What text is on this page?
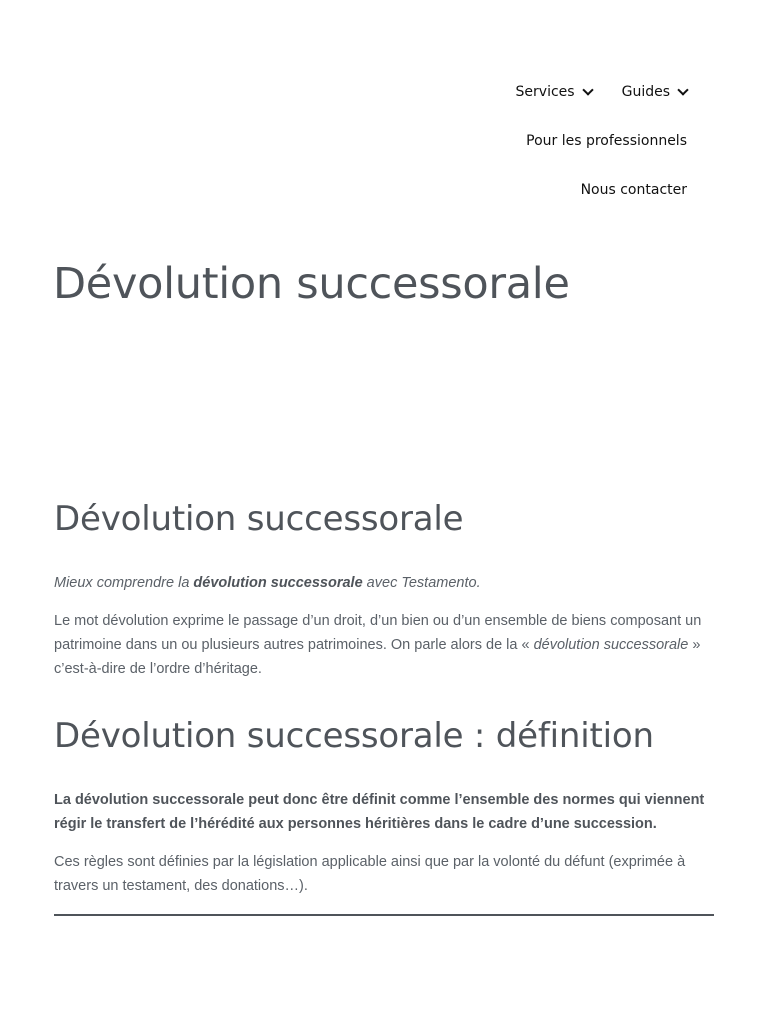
Services	Guides
Pour les professionnels
Nous contacter
Dévolution successorale
Dévolution successorale

Mieux comprendre la dévolution successorale avec Testamento.

Le mot dévolution exprime le passage d’un droit, d’un bien ou d’un ensemble de biens composant un patrimoine dans un ou plusieurs autres patrimoines. On parle alors de la « dévolution successorale » c’est-à-dire de l’ordre d’héritage.

Dévolution successorale : définition

La dévolution successorale peut donc être définit comme l’ensemble des normes qui viennent régir le transfert de l’hérédité aux personnes héritières dans le cadre d’une succession.

Ces règles sont définies par la législation applicable ainsi que par la volonté du défunt (exprimée à travers un testament, des donations…).
